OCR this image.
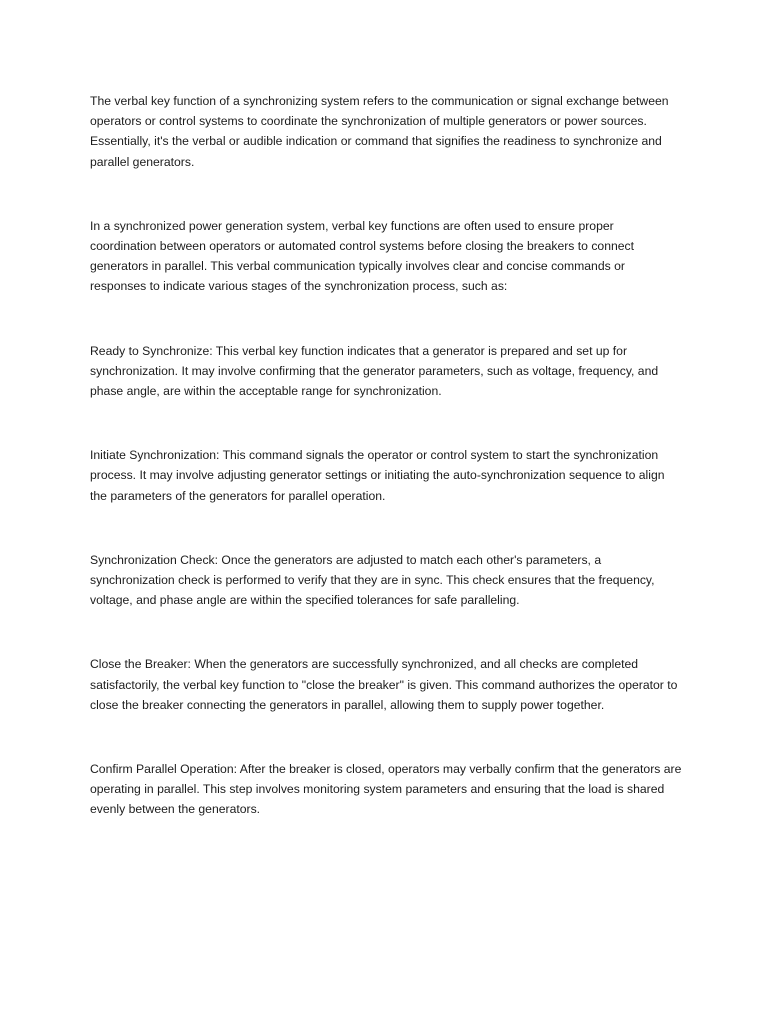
The verbal key function of a synchronizing system refers to the communication or signal exchange between operators or control systems to coordinate the synchronization of multiple generators or power sources. Essentially, it's the verbal or audible indication or command that signifies the readiness to synchronize and parallel generators.

In a synchronized power generation system, verbal key functions are often used to ensure proper coordination between operators or automated control systems before closing the breakers to connect generators in parallel. This verbal communication typically involves clear and concise commands or responses to indicate various stages of the synchronization process, such as:

Ready to Synchronize: This verbal key function indicates that a generator is prepared and set up for synchronization. It may involve confirming that the generator parameters, such as voltage, frequency, and phase angle, are within the acceptable range for synchronization.

Initiate Synchronization: This command signals the operator or control system to start the synchronization process. It may involve adjusting generator settings or initiating the auto-synchronization sequence to align the parameters of the generators for parallel operation.

Synchronization Check: Once the generators are adjusted to match each other's parameters, a synchronization check is performed to verify that they are in sync. This check ensures that the frequency, voltage, and phase angle are within the specified tolerances for safe paralleling.

Close the Breaker: When the generators are successfully synchronized, and all checks are completed satisfactorily, the verbal key function to "close the breaker" is given. This command authorizes the operator to close the breaker connecting the generators in parallel, allowing them to supply power together.

Confirm Parallel Operation: After the breaker is closed, operators may verbally confirm that the generators are operating in parallel. This step involves monitoring system parameters and ensuring that the load is shared evenly between the generators.
